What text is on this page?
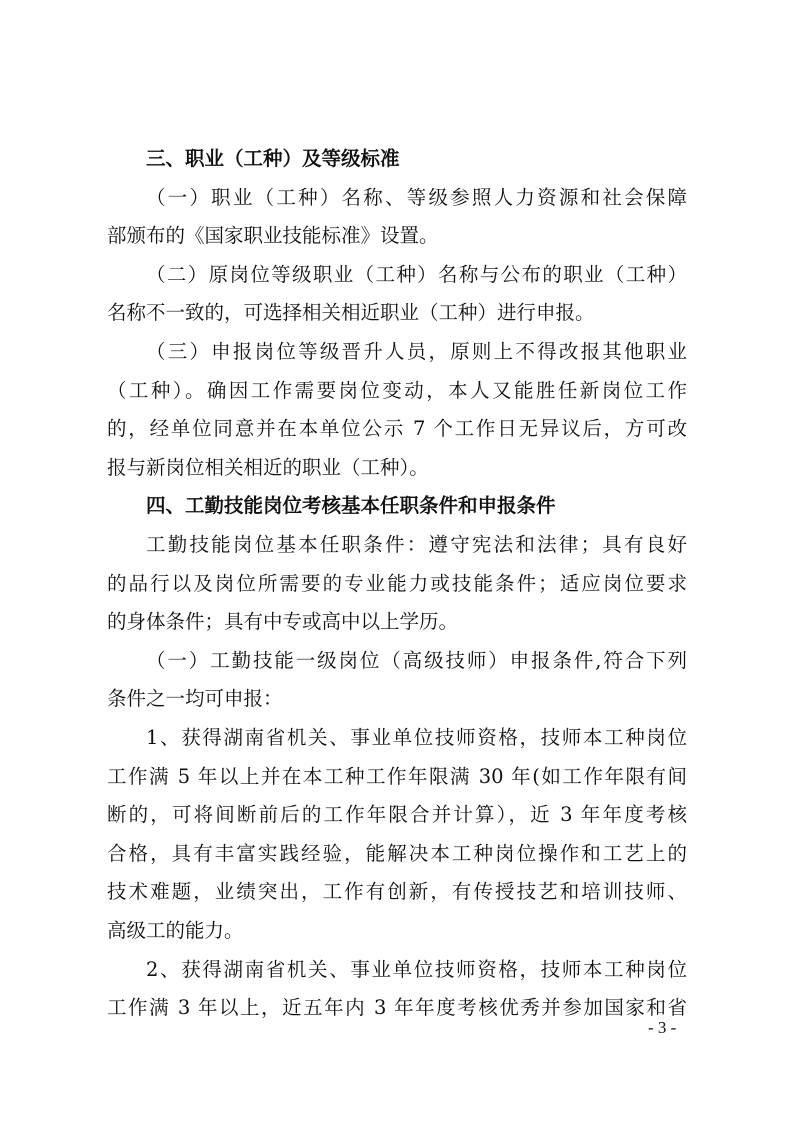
三、职业（工种）及等级标准
（一）职业（工种）名称、等级参照人力资源和社会保障
部颁布的《国家职业技能标准》设置。
（二）原岗位等级职业（工种）名称与公布的职业（工种）
名称不一致的，可选择相关相近职业（工种）进行申报。
（三）申报岗位等级晋升人员，原则上不得改报其他职业
（工种）。确因工作需要岗位变动，本人又能胜任新岗位工作
的，经单位同意并在本单位公示 7 个工作日无异议后，方可改
报与新岗位相关相近的职业（工种）。
四、工勤技能岗位考核基本任职条件和申报条件
工勤技能岗位基本任职条件：遵守宪法和法律；具有良好
的品行以及岗位所需要的专业能力或技能条件；适应岗位要求
的身体条件；具有中专或高中以上学历。
（一）工勤技能一级岗位（高级技师）申报条件,符合下列
条件之一均可申报：
1、获得湖南省机关、事业单位技师资格，技师本工种岗位
工作满 5 年以上并在本工种工作年限满 30 年(如工作年限有间
断的，可将间断前后的工作年限合并计算），近 3 年年度考核
合格，具有丰富实践经验，能解决本工种岗位操作和工艺上的
技术难题，业绩突出，工作有创新，有传授技艺和培训技师、
高级工的能力。
2、获得湖南省机关、事业单位技师资格，技师本工种岗位
工作满 3 年以上，近五年内 3 年年度考核优秀并参加国家和省
- 3 -
